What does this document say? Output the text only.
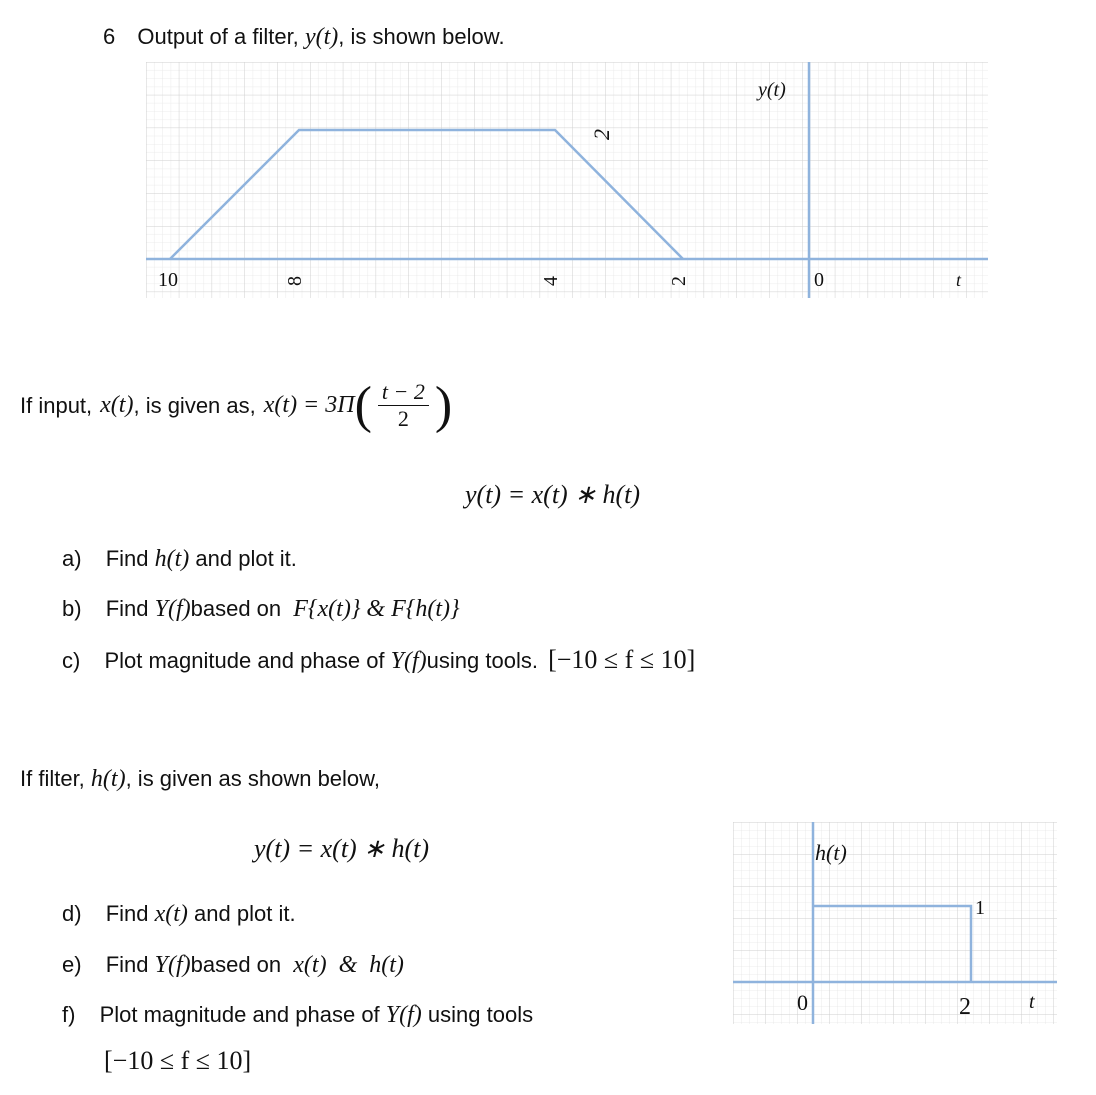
6 Output of a filter, y(t), is shown below.
y(t)
2
10	8	4	2	0	t
If input, x(t) , is given as, x(t) = 3Π ( $\frac{t - 2}{2}$ )
y(t) = x(t) ∗ h(t)
a) Find h(t) and plot it.
b) Find Y(f)based on F{x(t)} & F{h(t)}
c) Plot magnitude and phase of Y(f)using tools. [−10 ≤ f ≤ 10]
If filter, h(t), is given as shown below,
y(t) = x(t) ∗ h(t)
d) Find x(t) and plot it.
e) Find Y(f)based on x(t)  &  h(t)
f) Plot magnitude and phase of Y(f) using tools
[−10 ≤ f ≤ 10]
h(t)
1
0	2	t
